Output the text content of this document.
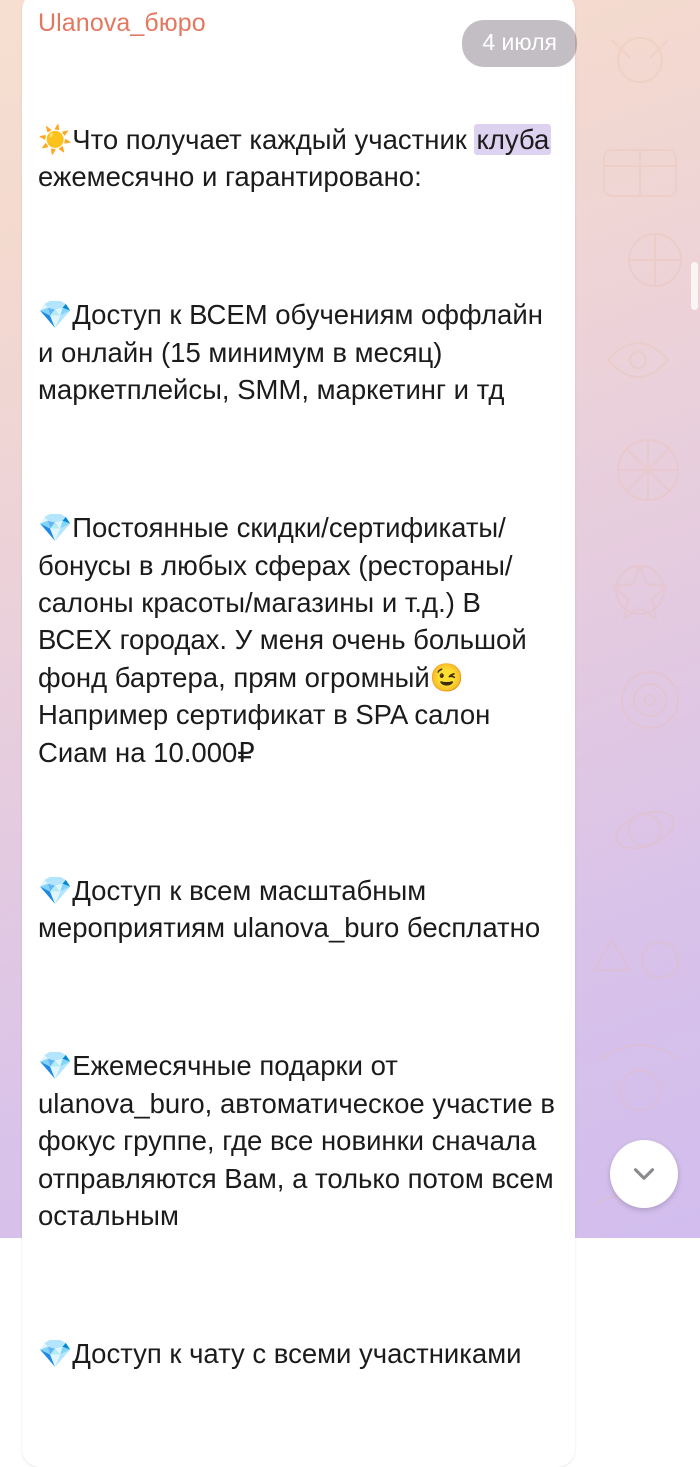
Ulanova_бюро
4 июля

☀️Что получает каждый участник клуба ежемесячно и гарантировано:

💎Доступ к ВСЕМ обучениям оффлайн и онлайн (15 минимум в месяц) маркетплейсы, SMM, маркетинг и тд

💎Постоянные скидки/сертификаты/бонусы в любых сферах (рестораны/салоны красоты/магазины и т.д.) В ВСЕХ городах. У меня очень большой фонд бартера, прям огромный😉 Например сертификат в SPA салон Сиам на 10.000₽

💎Доступ к всем масштабным мероприятиям ulanova_buro бесплатно

💎Ежемесячные подарки от ulanova_buro, автоматическое участие в фокус группе, где все новинки сначала отправляются Вам, а только потом всем остальным

💎Доступ к чату с всеми участниками
